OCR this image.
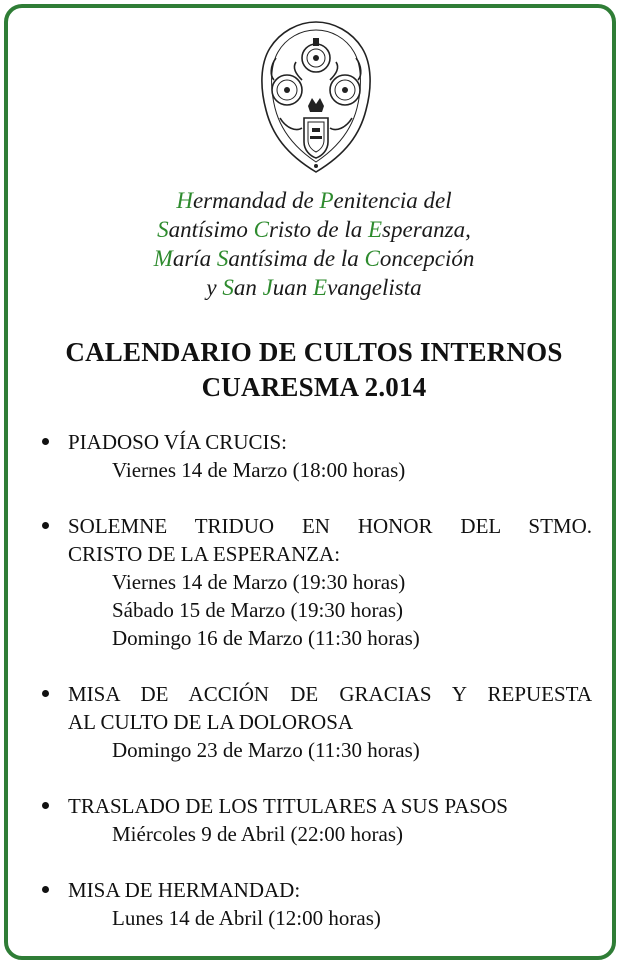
Hermandad de Penitencia del
Santísimo Cristo de la Esperanza,
María Santísima de la Concepción
y San Juan Evangelista
CALENDARIO DE CULTOS INTERNOS
CUARESMA 2.014
PIADOSO VÍA CRUCIS:
Viernes 14 de Marzo (18:00 horas)
SOLEMNE TRIDUO EN HONOR DEL STMO.
CRISTO DE LA ESPERANZA:
Viernes 14 de Marzo (19:30 horas)
Sábado 15 de Marzo (19:30 horas)
Domingo 16 de Marzo (11:30 horas)
MISA DE ACCIÓN DE GRACIAS Y REPUESTA
AL CULTO DE LA DOLOROSA
Domingo 23 de Marzo (11:30 horas)
TRASLADO DE LOS TITULARES A SUS PASOS
Miércoles 9 de Abril (22:00 horas)
MISA DE HERMANDAD:
Lunes 14 de Abril (12:00 horas)
